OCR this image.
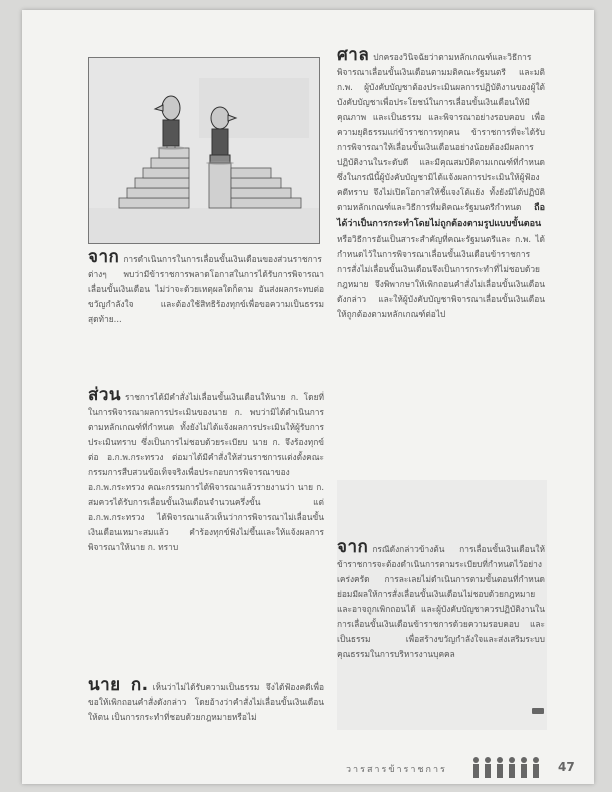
จาก การดำเนินการในการเลื่อนขั้นเงินเดือนของส่วนราชการต่างๆ พบว่ามีข้าราชการพลาดโอกาสในการได้รับการพิจารณาเลื่อนขั้นเงินเดือน ไม่ว่าจะด้วยเหตุผลใดก็ตาม อันส่งผลกระทบต่อขวัญกำลังใจ และต้องใช้สิทธิร้องทุกข์เพื่อขอความเป็นธรรม สุดท้าย...

ส่วน ราชการได้มีคำสั่งไม่เลื่อนขั้นเงินเดือนให้นาย ก. โดยที่ในการพิจารณาผลการประเมินของนาย ก. พบว่ามิได้ดำเนินการตามหลักเกณฑ์ที่กำหนด ทั้งยังไม่ได้แจ้งผลการประเมินให้ผู้รับการประเมินทราบ ซึ่งเป็นการไม่ชอบด้วยระเบียบ นาย ก. จึงร้องทุกข์ต่อ อ.ก.พ.กระทรวง ต่อมาได้มีคำสั่งให้ส่วนราชการแต่งตั้งคณะกรรมการสืบสวนข้อเท็จจริงเพื่อประกอบการพิจารณาของ อ.ก.พ.กระทรวง คณะกรรมการได้พิจารณาแล้วรายงานว่า นาย ก. สมควรได้รับการเลื่อนขั้นเงินเดือนจำนวนครึ่งขั้น แต่ อ.ก.พ.กระทรวง ได้พิจารณาแล้วเห็นว่าการพิจารณาไม่เลื่อนขั้นเงินเดือนเหมาะสมแล้ว คำร้องทุกข์ฟังไม่ขึ้นและให้แจ้งผลการพิจารณาให้นาย ก. ทราบ

นาย ก. เห็นว่าไม่ได้รับความเป็นธรรม จึงได้ฟ้องคดีเพื่อขอให้เพิกถอนคำสั่งดังกล่าว โดยอ้างว่าคำสั่งไม่เลื่อนขั้นเงินเดือนให้ตน เป็นการกระทำที่ชอบด้วยกฎหมายหรือไม่

ศาล ปกครองวินิจฉัยว่าตามหลักเกณฑ์และวิธีการพิจารณาเลื่อนขั้นเงินเดือนตามมติคณะรัฐมนตรี และมติ ก.พ. ผู้บังคับบัญชาต้องประเมินผลการปฏิบัติงานของผู้ใต้บังคับบัญชาเพื่อประโยชน์ในการเลื่อนขั้นเงินเดือนให้มีคุณภาพ และเป็นธรรม และพิจารณาอย่างรอบคอบ เพื่อความยุติธรรมแก่ข้าราชการทุกคน ข้าราชการที่จะได้รับการพิจารณาให้เลื่อนขั้นเงินเดือนอย่างน้อยต้องมีผลการปฏิบัติงานในระดับดี และมีคุณสมบัติตามเกณฑ์ที่กำหนด ซึ่งในกรณีนี้ผู้บังคับบัญชามิได้แจ้งผลการประเมินให้ผู้ฟ้องคดีทราบ จึงไม่เปิดโอกาสให้ชี้แจงโต้แย้ง ทั้งยังมิได้ปฏิบัติตามหลักเกณฑ์และวิธีการที่มติคณะรัฐมนตรีกำหนด ถือได้ว่าเป็นการกระทำโดยไม่ถูกต้องตามรูปแบบขั้นตอนหรือวิธีการอันเป็นสาระสำคัญที่คณะรัฐมนตรีและ ก.พ. ได้กำหนดไว้ในการพิจารณาเลื่อนขั้นเงินเดือนข้าราชการ การสั่งไม่เลื่อนขั้นเงินเดือนจึงเป็นการกระทำที่ไม่ชอบด้วยกฎหมาย จึงพิพากษาให้เพิกถอนคำสั่งไม่เลื่อนขั้นเงินเดือนดังกล่าว และให้ผู้บังคับบัญชาพิจารณาเลื่อนขั้นเงินเดือนให้ถูกต้องตามหลักเกณฑ์ต่อไป

จาก กรณีดังกล่าวข้างต้น การเลื่อนขั้นเงินเดือนให้ข้าราชการจะต้องดำเนินการตามระเบียบที่กำหนดไว้อย่างเคร่งครัด การละเลยไม่ดำเนินการตามขั้นตอนที่กำหนด ย่อมมีผลให้การสั่งเลื่อนขั้นเงินเดือนไม่ชอบด้วยกฎหมาย และอาจถูกเพิกถอนได้ และผู้บังคับบัญชาควรปฏิบัติงานในการเลื่อนขั้นเงินเดือนข้าราชการด้วยความรอบคอบ และเป็นธรรม เพื่อสร้างขวัญกำลังใจและส่งเสริมระบบคุณธรรมในการบริหารงานบุคคล

วารสารข้าราชการ	47
